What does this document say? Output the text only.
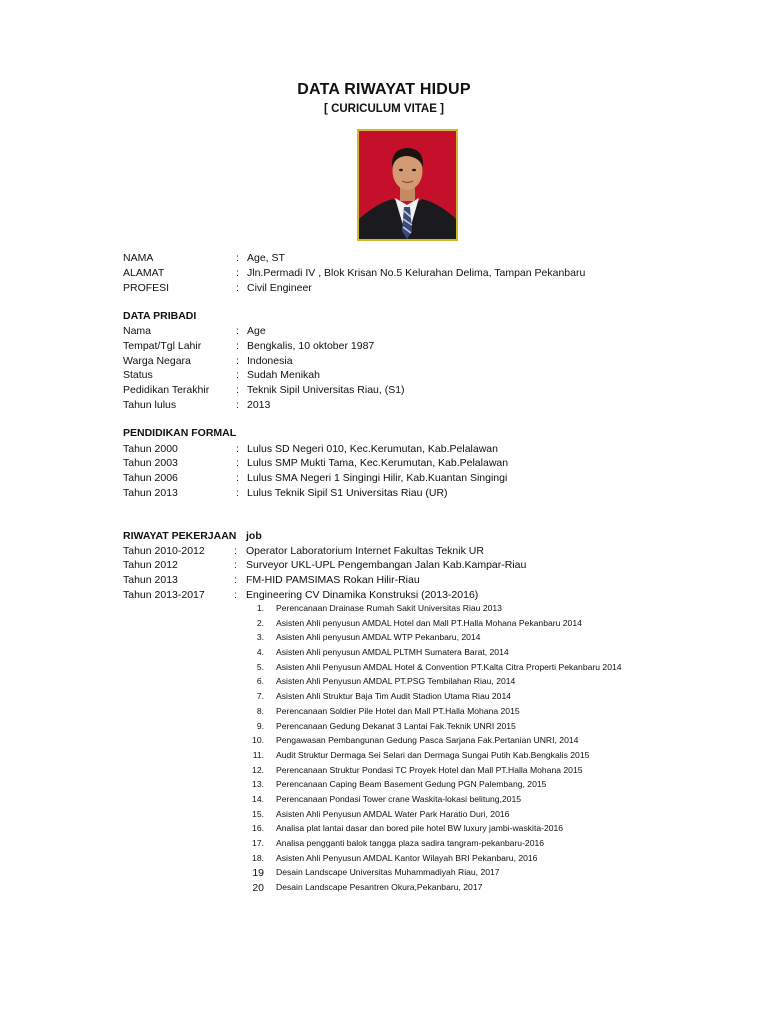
DATA RIWAYAT HIDUP
[ CURICULUM VITAE ]
NAMA	: Age, ST
ALAMAT	: Jln.Permadi IV , Blok Krisan No.5 Kelurahan Delima, Tampan Pekanbaru
PROFESI	: Civil Engineer
DATA PRIBADI
Nama	: Age
Tempat/Tgl Lahir	: Bengkalis, 10 oktober 1987
Warga Negara	: Indonesia
Status	: Sudah Menikah
Pedidikan Terakhir	: Teknik Sipil Universitas Riau, (S1)
Tahun lulus	: 2013
PENDIDIKAN FORMAL
Tahun 2000	: Lulus SD Negeri 010, Kec.Kerumutan, Kab.Pelalawan
Tahun 2003	: Lulus SMP Mukti Tama, Kec.Kerumutan, Kab.Pelalawan
Tahun 2006	: Lulus SMA Negeri 1 Singingi Hilir, Kab.Kuantan Singingi
Tahun 2013	: Lulus Teknik Sipil S1 Universitas Riau (UR)
RIWAYAT PEKERJAAN job
Tahun 2010-2012	: Operator Laboratorium Internet Fakultas Teknik UR
Tahun 2012	: Surveyor UKL-UPL Pengembangan Jalan Kab.Kampar-Riau
Tahun 2013	: FM-HID PAMSIMAS Rokan Hilir-Riau
Tahun 2013-2017	: Engineering CV Dinamika Konstruksi (2013-2016)
1. Perencanaan Drainase Rumah Sakit Universitas Riau 2013
2. Asisten Ahli penyusun AMDAL Hotel dan Mall PT.Halla Mohana Pekanbaru 2014
3. Asisten Ahli penyusun AMDAL WTP Pekanbaru, 2014
4. Asisten Ahli penyusun AMDAL PLTMH Sumatera Barat, 2014
5. Asisten Ahli Penyusun AMDAL Hotel & Convention PT.Kalta Citra Properti Pekanbaru 2014
6. Asisten Ahli Penyusun AMDAL PT.PSG Tembilahan Riau, 2014
7. Asisten Ahli Struktur Baja Tim Audit Stadion Utama Riau 2014
8. Perencanaan Soldier Pile Hotel dan Mall PT.Halla Mohana 2015
9. Perencanaan Gedung Dekanat 3 Lantai Fak.Teknik UNRI 2015
10. Pengawasan Pembangunan Gedung Pasca Sarjana Fak.Pertanian UNRI, 2014
11. Audit Struktur Dermaga Sei Selari dan Dermaga Sungai Putih Kab.Bengkalis 2015
12. Perencanaan Struktur Pondasi TC Proyek Hotel dan Mall PT.Halla Mohana 2015
13. Perencanaan Caping Beam Basement Gedung PGN Palembang, 2015
14. Perencanaan Pondasi Tower crane Waskita-lokasi belitung,2015
15. Asisten Ahli Penyusun AMDAL Water Park Haratio Duri, 2016
16. Analisa plat lantai dasar dan bored pile hotel BW luxury jambi-waskita-2016
17. Analisa pengganti balok tangga plaza sadira tangram-pekanbaru-2016
18. Asisten Ahli Penyusun AMDAL Kantor Wilayah BRI Pekanbaru, 2016
19 Desain Landscape Universitas Muhammadiyah Riau, 2017
20 Desain Landscape Pesantren Okura,Pekanbaru, 2017
